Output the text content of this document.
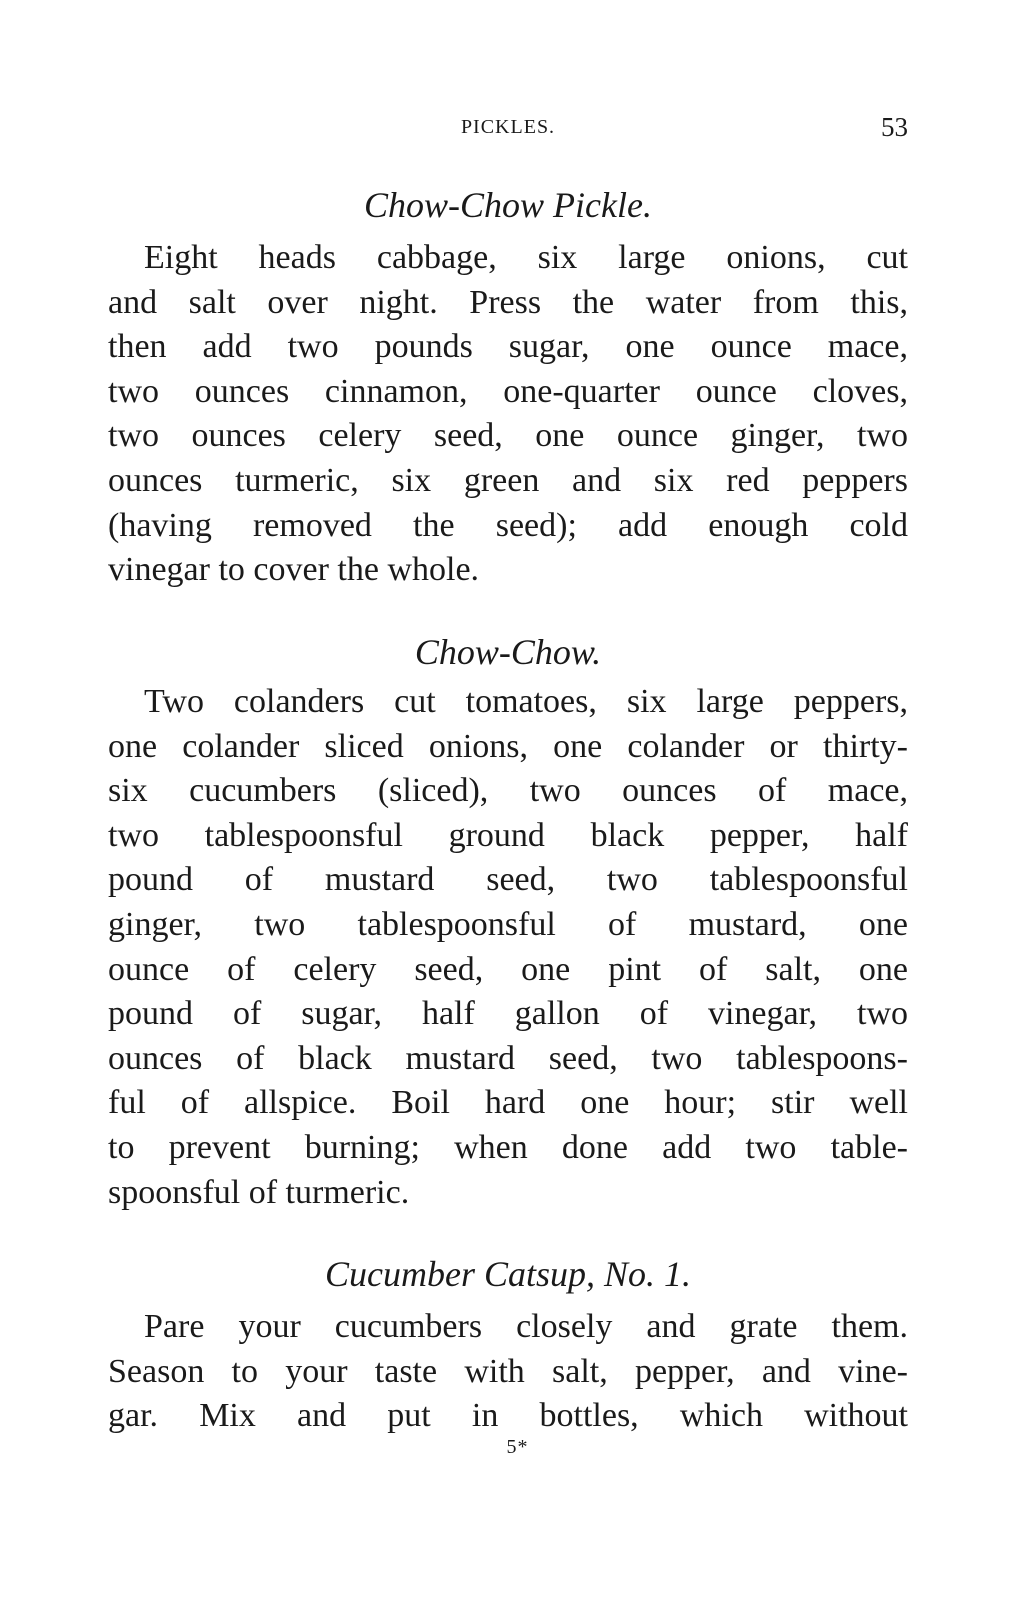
PICKLES.	53
Chow-Chow Pickle.
Eight heads cabbage, six large onions, cut
and salt over night. Press the water from this,
then add two pounds sugar, one ounce mace,
two ounces cinnamon, one-quarter ounce cloves,
two ounces celery seed, one ounce ginger, two
ounces turmeric, six green and six red peppers
(having removed the seed); add enough cold
vinegar to cover the whole.
Chow-Chow.
Two colanders cut tomatoes, six large peppers,
one colander sliced onions, one colander or thirty-
six cucumbers (sliced), two ounces of mace,
two tablespoonsful ground black pepper, half
pound of mustard seed, two tablespoonsful
ginger, two tablespoonsful of mustard, one
ounce of celery seed, one pint of salt, one
pound of sugar, half gallon of vinegar, two
ounces of black mustard seed, two tablespoons-
ful of allspice. Boil hard one hour; stir well
to prevent burning; when done add two table-
spoonsful of turmeric.
Cucumber Catsup, No. 1.
Pare your cucumbers closely and grate them.
Season to your taste with salt, pepper, and vine-
gar. Mix and put in bottles, which without
5*
